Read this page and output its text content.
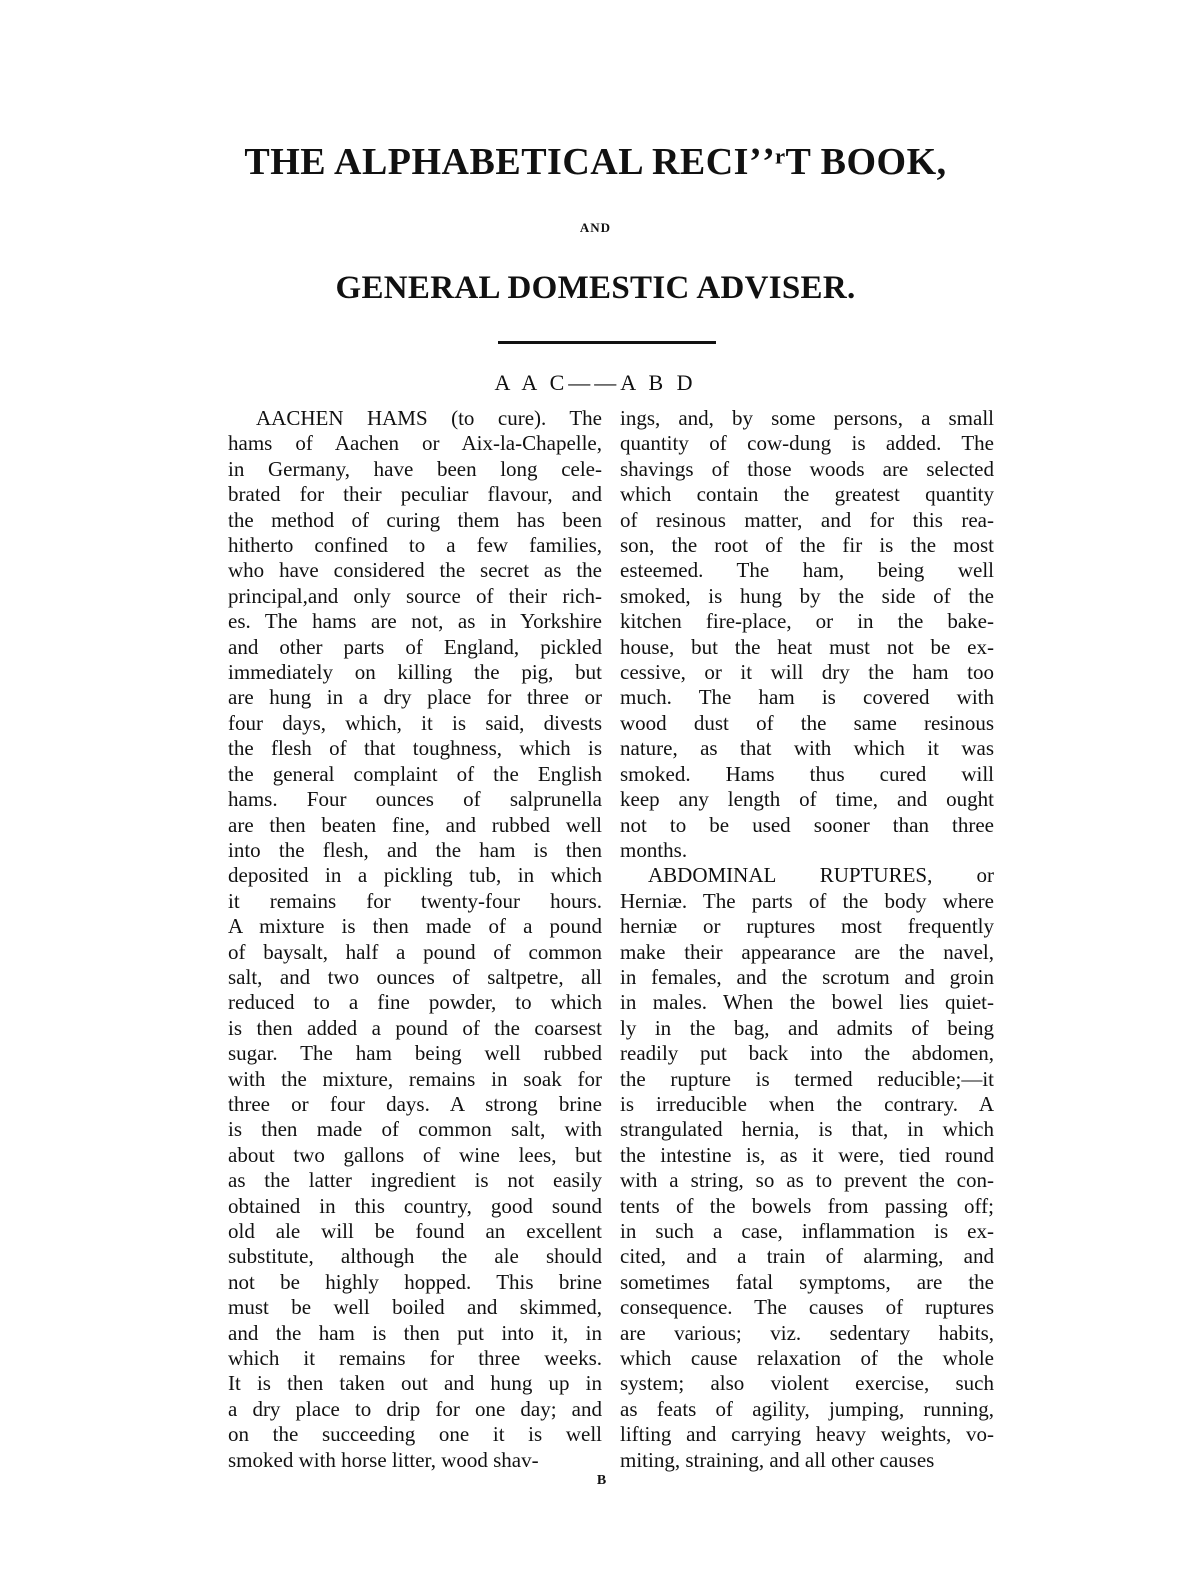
THE ALPHABETICAL RECIʼʼʳT BOOK,
AND
GENERAL DOMESTIC ADVISER.
A A C——A B D
AACHEN HAMS (to cure). The
hams of Aachen or Aix-la-Chapelle,
in Germany, have been long cele-
brated for their peculiar flavour, and
the method of curing them has been
hitherto confined to a few families,
who have considered the secret as the
principal,and only source of their rich-
es. The hams are not, as in Yorkshire
and other parts of England, pickled
immediately on killing the pig, but
are hung in a dry place for three or
four days, which, it is said, divests
the flesh of that toughness, which is
the general complaint of the English
hams. Four ounces of salprunella
are then beaten fine, and rubbed well
into the flesh, and the ham is then
deposited in a pickling tub, in which
it remains for twenty-four hours.
A mixture is then made of a pound
of baysalt, half a pound of common
salt, and two ounces of saltpetre, all
reduced to a fine powder, to which
is then added a pound of the coarsest
sugar. The ham being well rubbed
with the mixture, remains in soak for
three or four days. A strong brine
is then made of common salt, with
about two gallons of wine lees, but
as the latter ingredient is not easily
obtained in this country, good sound
old ale will be found an excellent
substitute, although the ale should
not be highly hopped. This brine
must be well boiled and skimmed,
and the ham is then put into it, in
which it remains for three weeks.
It is then taken out and hung up in
a dry place to drip for one day; and
on the succeeding one it is well
smoked with horse litter, wood shav-
ings, and, by some persons, a small
quantity of cow-dung is added. The
shavings of those woods are selected
which contain the greatest quantity
of resinous matter, and for this rea-
son, the root of the fir is the most
esteemed. The ham, being well
smoked, is hung by the side of the
kitchen fire-place, or in the bake-
house, but the heat must not be ex-
cessive, or it will dry the ham too
much. The ham is covered with
wood dust of the same resinous
nature, as that with which it was
smoked. Hams thus cured will
keep any length of time, and ought
not to be used sooner than three
months.
ABDOMINAL RUPTURES, or
Herniæ. The parts of the body where
herniæ or ruptures most frequently
make their appearance are the navel,
in females, and the scrotum and groin
in males. When the bowel lies quiet-
ly in the bag, and admits of being
readily put back into the abdomen,
the rupture is termed reducible;—it
is irreducible when the contrary. A
strangulated hernia, is that, in which
the intestine is, as it were, tied round
with a string, so as to prevent the con-
tents of the bowels from passing off;
in such a case, inflammation is ex-
cited, and a train of alarming, and
sometimes fatal symptoms, are the
consequence. The causes of ruptures
are various; viz. sedentary habits,
which cause relaxation of the whole
system; also violent exercise, such
as feats of agility, jumping, running,
lifting and carrying heavy weights, vo-
miting, straining, and all other causes
B
